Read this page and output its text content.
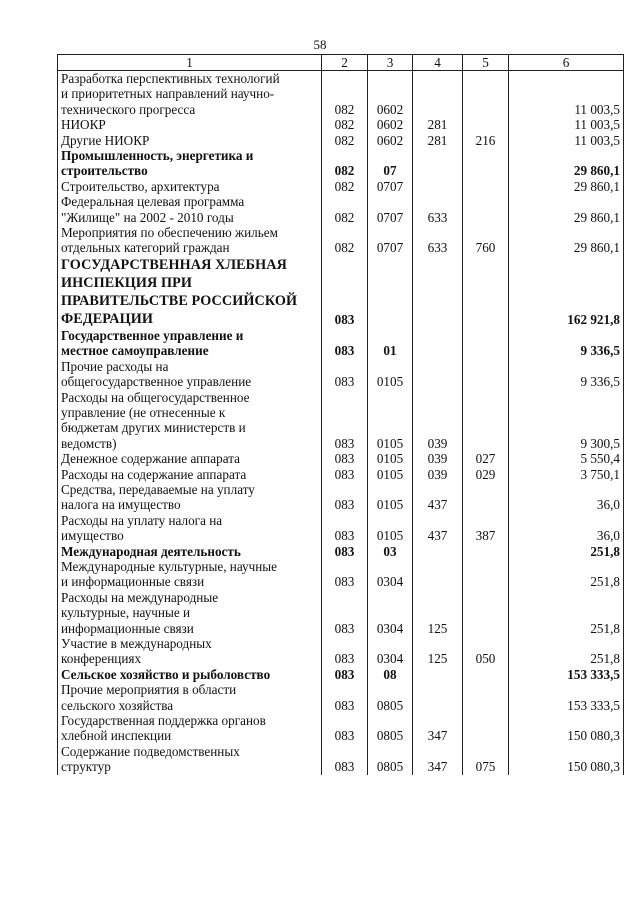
58
1	2	3	4	5	6

Разработка перспективных технологий
и приоритетных направлений научно-
технического прогресса	082	0602			11 003,5

НИОКР	082	0602	281		11 003,5

Другие НИОКР	082	0602	281	216	11 003,5

Промышленность, энергетика и
строительство	082	07			29 860,1

Строительство, архитектура	082	0707			29 860,1

Федеральная целевая программа
"Жилище" на 2002 - 2010 годы	082	0707	633		29 860,1

Мероприятия по обеспечению жильем
отдельных категорий граждан	082	0707	633	760	29 860,1

ГОСУДАРСТВЕННАЯ ХЛЕБНАЯ
ИНСПЕКЦИЯ ПРИ
ПРАВИТЕЛЬСТВЕ РОССИЙСКОЙ
ФЕДЕРАЦИИ	083				162 921,8

Государственное управление и
местное самоуправление	083	01			9 336,5

Прочие расходы на
общегосударственное управление	083	0105			9 336,5

Расходы на общегосударственное
управление (не отнесенные к
бюджетам других министерств и
ведомств)	083	0105	039		9 300,5

Денежное содержание аппарата	083	0105	039	027	5 550,4

Расходы на содержание аппарата	083	0105	039	029	3 750,1

Средства, передаваемые на уплату
налога на имущество	083	0105	437		36,0

Расходы на уплату налога на
имущество	083	0105	437	387	36,0

Международная деятельность	083	03			251,8

Международные культурные, научные
и информационные связи	083	0304			251,8

Расходы на международные
культурные, научные и
информационные связи	083	0304	125		251,8

Участие в международных
конференциях	083	0304	125	050	251,8

Сельское хозяйство и рыболовство	083	08			153 333,5

Прочие мероприятия в области
сельского хозяйства	083	0805			153 333,5

Государственная поддержка органов
хлебной инспекции	083	0805	347		150 080,3

Содержание подведомственных
структур	083	0805	347	075	150 080,3
